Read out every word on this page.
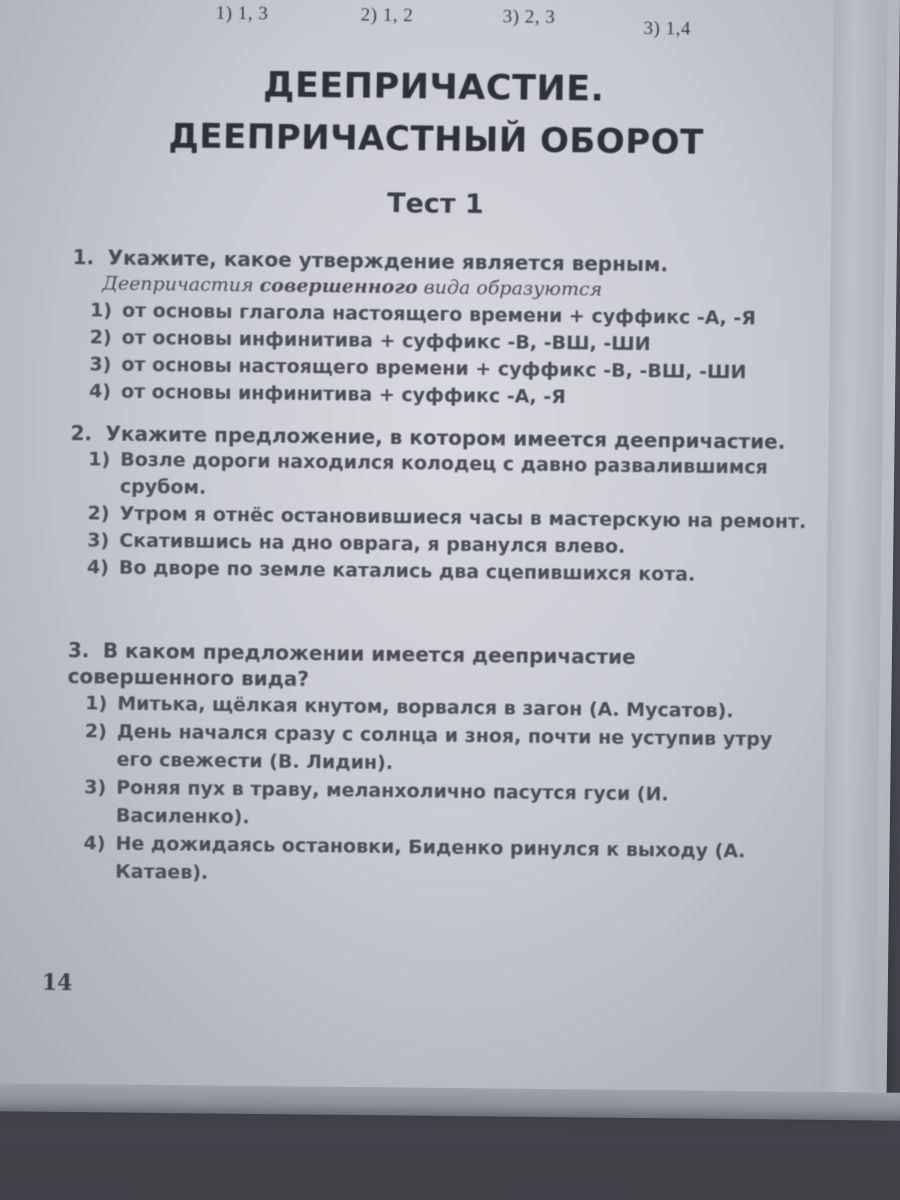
1) 1, 3	2) 1, 2	3) 2, 3
3) 1,4
ДЕЕПРИЧАСТИЕ.
ДЕЕПРИЧАСТНЫЙ ОБОРОТ
Тест 1
1. Укажите, какое утверждение является верным.
Деепричастия совершенного вида образуются
1) от основы глагола настоящего времени + суффикс -А, -Я
2) от основы инфинитива + суффикс -В, -ВШ, -ШИ
3) от основы настоящего времени + суффикс -В, -ВШ, -ШИ
4) от основы инфинитива + суффикс -А, -Я
2. Укажите предложение, в котором имеется деепричастие.
1) Возле дороги находился колодец с давно развалившимся срубом.
2) Утром я отнёс остановившиеся часы в мастерскую на ремонт.
3) Скатившись на дно оврага, я рванулся влево.
4) Во дворе по земле катались два сцепившихся кота.
3. В каком предложении имеется деепричастие совершенного вида?
1) Митька, щёлкая кнутом, ворвался в загон (А. Мусатов).
2) День начался сразу с солнца и зноя, почти не уступив утру его свежести (В. Лидин).
3) Роняя пух в траву, меланхолично пасутся гуси (И. Василенко).
4) Не дожидаясь остановки, Биденко ринулся к выходу (А. Катаев).
14
